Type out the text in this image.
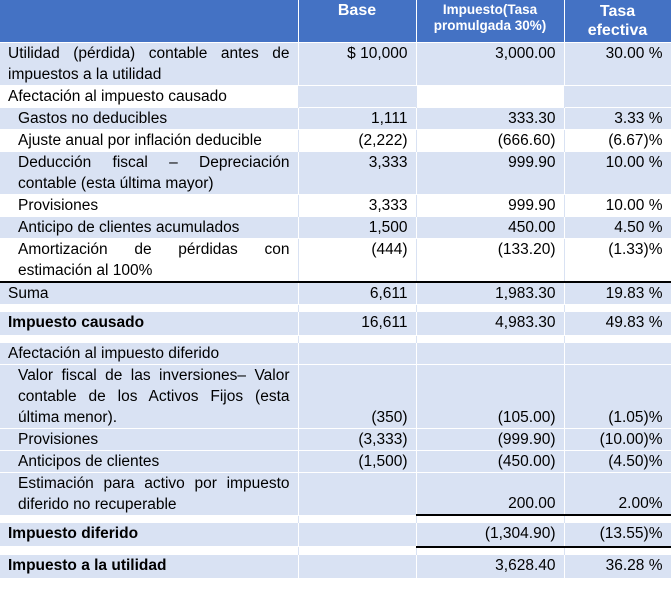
	Base	Impuesto(Tasa
promulgada 30%)	Tasa
efectiva
Utilidad (pérdida) contable antes de impuestos a la utilidad	$ 10,000	3,000.00	30.00 %
Afectación al impuesto causado			
Gastos no deducibles	1,111	333.30	3.33 %
Ajuste anual por inflación deducible	(2,222)	(666.60)	(6.67)%
Deducción fiscal – Depreciación contable (esta última mayor)	3,333	999.90	10.00 %
Provisiones	3,333	999.90	10.00 %
Anticipo de clientes acumulados	1,500	450.00	4.50 %
Amortización de pérdidas con estimación al 100%	(444)	(133.20)	(1.33)%
Suma	6,611	1,983.30	19.83 %

Impuesto causado	16,611	4,983.30	49.83 %

Afectación al impuesto diferido			
Valor fiscal de las inversiones– Valor contable de los Activos Fijos (esta última menor).	(350)	(105.00)	(1.05)%
Provisiones	(3,333)	(999.90)	(10.00)%
Anticipos de clientes	(1,500)	(450.00)	(4.50)%
Estimación para activo por impuesto diferido no recuperable		200.00	2.00%

Impuesto diferido		(1,304.90)	(13.55)%

Impuesto a la utilidad		3,628.40	36.28 %
